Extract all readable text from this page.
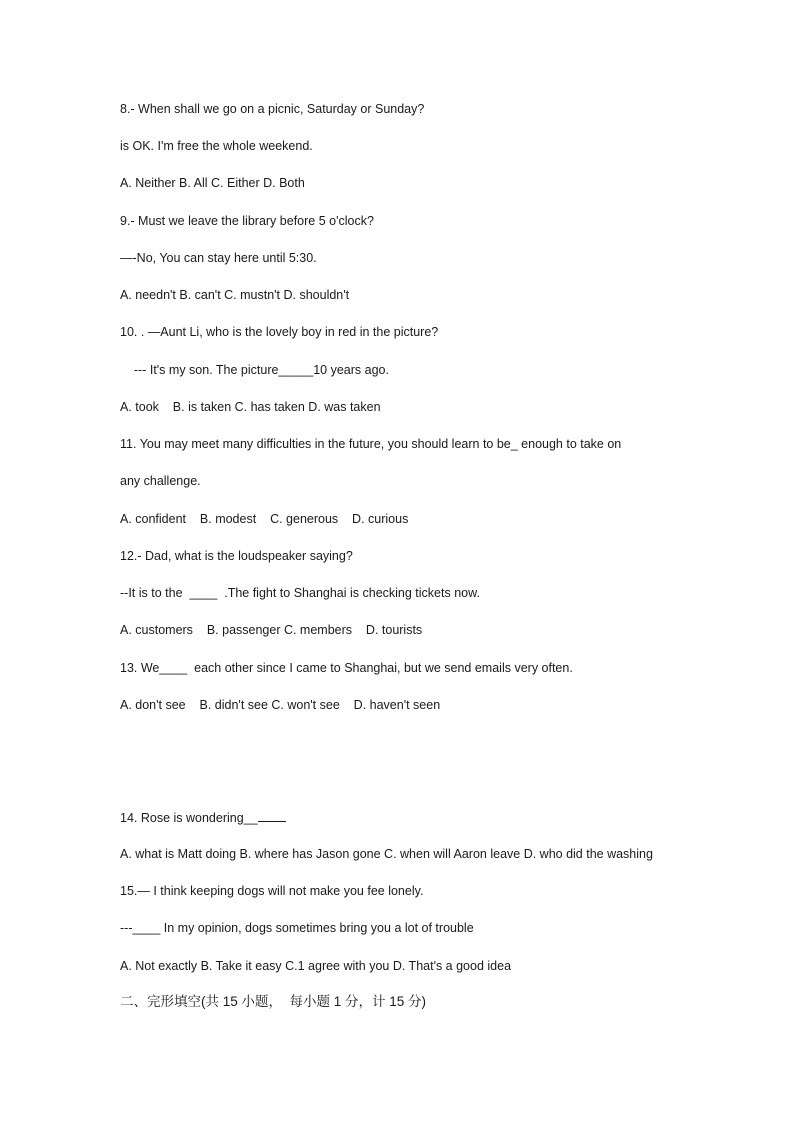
8.- When shall we go on a picnic, Saturday or Sunday?
is OK. I'm free the whole weekend.
A. Neither B. All C. Either D. Both
9.- Must we leave the library before 5 o'clock?
—-No, You can stay here until 5:30.
A. needn't B. can't C. mustn't D. shouldn't
10. . —Aunt Li, who is the lovely boy in red in the picture?
--- It's my son. The picture_____10 years ago.
A. took    B. is taken C. has taken D. was taken
11. You may meet many difficulties in the future, you should learn to be_ enough to take on
any challenge.
A. confident    B. modest    C. generous    D. curious
12.- Dad, what is the loudspeaker saying?
--It is to the  ____  .The fight to Shanghai is checking tickets now.
A. customers    B. passenger C. members    D. tourists
13. We____  each other since I came to Shanghai, but we send emails very often.
A. don't see    B. didn't see C. won't see    D. haven't seen
14. Rose is wondering__
A. what is Matt doing B. where has Jason gone C. when will Aaron leave D. who did the washing
15.— I think keeping dogs will not make you fee lonely.
---____ In my opinion, dogs sometimes bring you a lot of trouble
A. Not exactly B. Take it easy C.1 agree with you D. That's a good idea
二、完形填空(共 15 小题，  每小题 1 分，计 15 分)
